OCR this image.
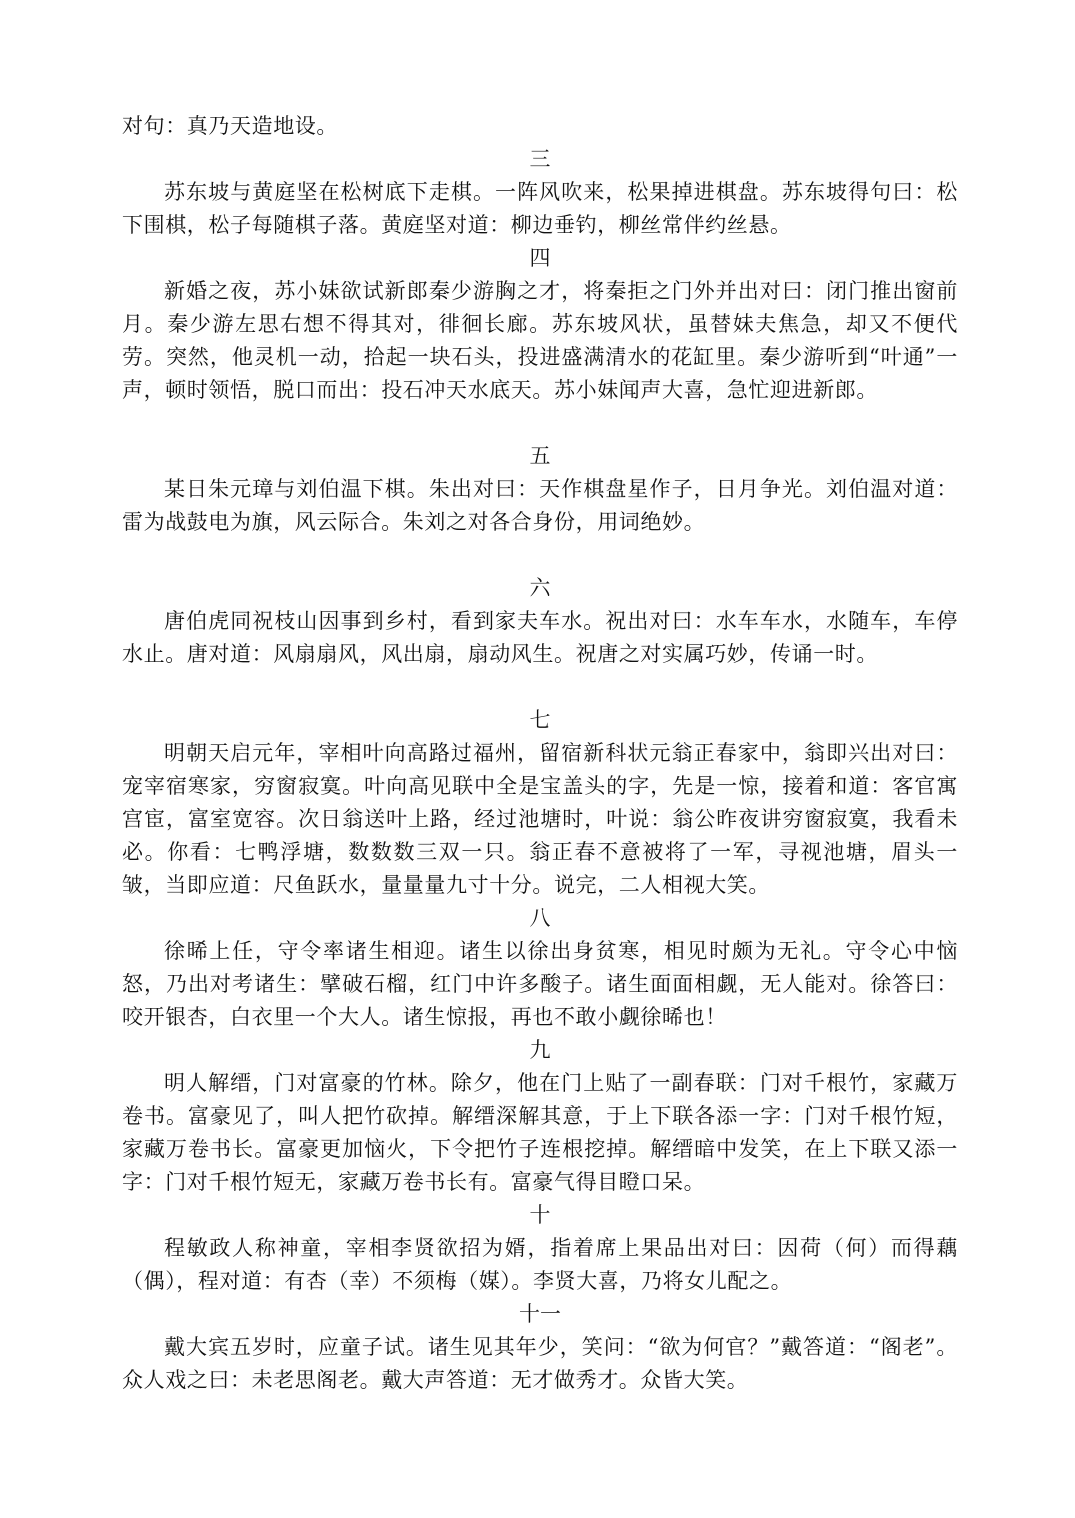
对句：真乃天造地设。

三

苏东坡与黄庭坚在松树底下走棋。一阵风吹来，松果掉进棋盘。苏东坡得句曰：松下围棋，松子每随棋子落。黄庭坚对道：柳边垂钓，柳丝常伴约丝悬。

四

新婚之夜，苏小妹欲试新郎秦少游胸之才，将秦拒之门外并出对曰：闭门推出窗前月。秦少游左思右想不得其对，徘徊长廊。苏东坡风状，虽替妹夫焦急，却又不便代劳。突然，他灵机一动，拾起一块石头，投进盛满清水的花缸里。秦少游听到“叶通”一声，顿时领悟，脱口而出：投石冲天水底天。苏小妹闻声大喜，急忙迎进新郎。

五

某日朱元璋与刘伯温下棋。朱出对曰：天作棋盘星作子，日月争光。刘伯温对道：雷为战鼓电为旗，风云际合。朱刘之对各合身份，用词绝妙。

六

唐伯虎同祝枝山因事到乡村，看到家夫车水。祝出对曰：水车车水，水随车，车停水止。唐对道：风扇扇风，风出扇，扇动风生。祝唐之对实属巧妙，传诵一时。

七

明朝天启元年，宰相叶向高路过福州，留宿新科状元翁正春家中，翁即兴出对曰：宠宰宿寒家，穷窗寂寞。叶向高见联中全是宝盖头的字，先是一惊，接着和道：客官寓宫宦，富室宽容。次日翁送叶上路，经过池塘时，叶说：翁公昨夜讲穷窗寂寞，我看未必。你看：七鸭浮塘，数数数三双一只。翁正春不意被将了一军，寻视池塘，眉头一皱，当即应道：尺鱼跃水，量量量九寸十分。说完，二人相视大笑。

八

徐晞上任，守令率诸生相迎。诸生以徐出身贫寒，相见时颇为无礼。守令心中恼怒，乃出对考诸生：擘破石榴，红门中许多酸子。诸生面面相觑，无人能对。徐答曰：咬开银杏，白衣里一个大人。诸生惊报，再也不敢小觑徐晞也！

九

明人解缙，门对富豪的竹林。除夕，他在门上贴了一副春联：门对千根竹，家藏万卷书。富豪见了，叫人把竹砍掉。解缙深解其意，于上下联各添一字：门对千根竹短，家藏万卷书长。富豪更加恼火，下令把竹子连根挖掉。解缙暗中发笑，在上下联又添一字：门对千根竹短无，家藏万卷书长有。富豪气得目瞪口呆。

十

程敏政人称神童，宰相李贤欲招为婿，指着席上果品出对曰：因荷（何）而得藕（偶），程对道：有杏（幸）不须梅（媒）。李贤大喜，乃将女儿配之。

十一

戴大宾五岁时，应童子试。诸生见其年少，笑问：“欲为何官？”戴答道：“阁老”。众人戏之曰：未老思阁老。戴大声答道：无才做秀才。众皆大笑。
